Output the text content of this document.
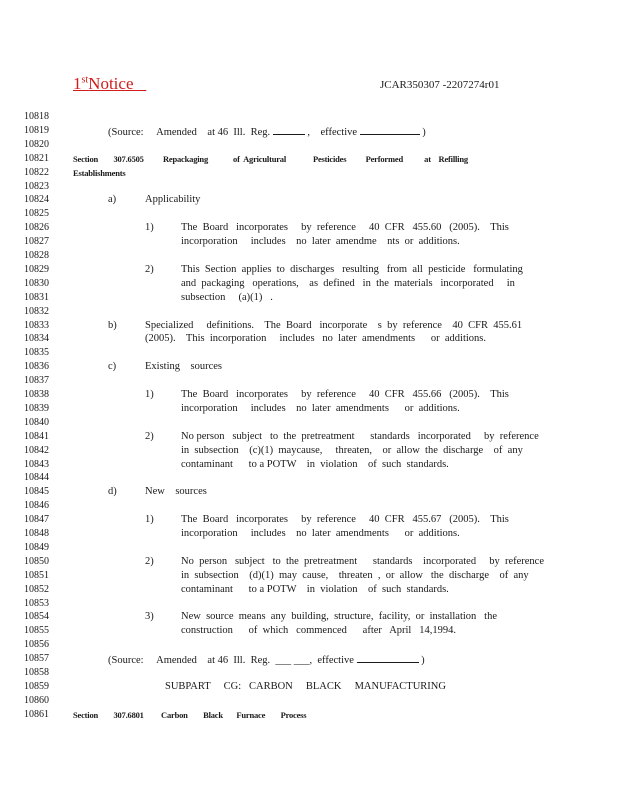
1stNotice	JCAR350307 -2207274r01
10818
10819	(Source:     Amended    at 46  Ill.  Reg.	,    effective	)
10820
10821	Section        307.6505          Repackaging             of  Agricultural              Pesticides          Performed           at    Refilling
10822	Establishments
10823
10824	a)	Applicability
10825
10826	1)	The  Board   incorporates     by  reference     40  CFR   455.60   (2005).    This
10827	incorporation     includes    no  later  amendme    nts  or  additions.
10828
10829	2)	This  Section  applies  to  discharges   resulting   from  all  pesticide   formulating
10830	and  packaging   operations,    as  defined   in  the  materials   incorporated     in
10831	subsection     (a)(1)   .
10832
10833	b)	Specialized     definitions.    The  Board   incorporate    s  by  reference    40  CFR  455.61
10834	(2005).    This  incorporation     includes   no  later  amendments      or  additions.
10835
10836	c)	Existing    sources
10837
10838	1)	The  Board   incorporates     by  reference     40  CFR   455.66   (2005).    This
10839	incorporation     includes    no  later  amendments      or  additions.
10840
10841	2)	No person   subject   to  the  pretreatment      standards   incorporated     by  reference
10842	in  subsection    (c)(1)  maycause,     threaten,    or  allow  the  discharge    of  any
10843	contaminant      to a POTW    in  violation    of  such  standards.
10844
10845	d)	New    sources
10846
10847	1)	The  Board   incorporates     by  reference     40  CFR   455.67   (2005).    This
10848	incorporation     includes    no  later  amendments      or  additions.
10849
10850	2)	No  person   subject   to  the  pretreatment      standards    incorporated     by  reference
10851	in  subsection    (d)(1)  may  cause,    threaten  ,  or  allow   the  discharge    of  any
10852	contaminant      to a POTW    in  violation    of  such  standards.
10853
10854	3)	New  source  means  any  building,  structure,  facility,  or  installation   the
10855	construction      of  which   commenced      after   April   14,1994.
10856
10857	(Source:     Amended    at 46  Ill.  Reg.  ___ ___,  effective	)
10858
10859	SUBPART     CG:   CARBON     BLACK     MANUFACTURING
10860
10861	Section        307.6801         Carbon        Black       Furnace        Process
